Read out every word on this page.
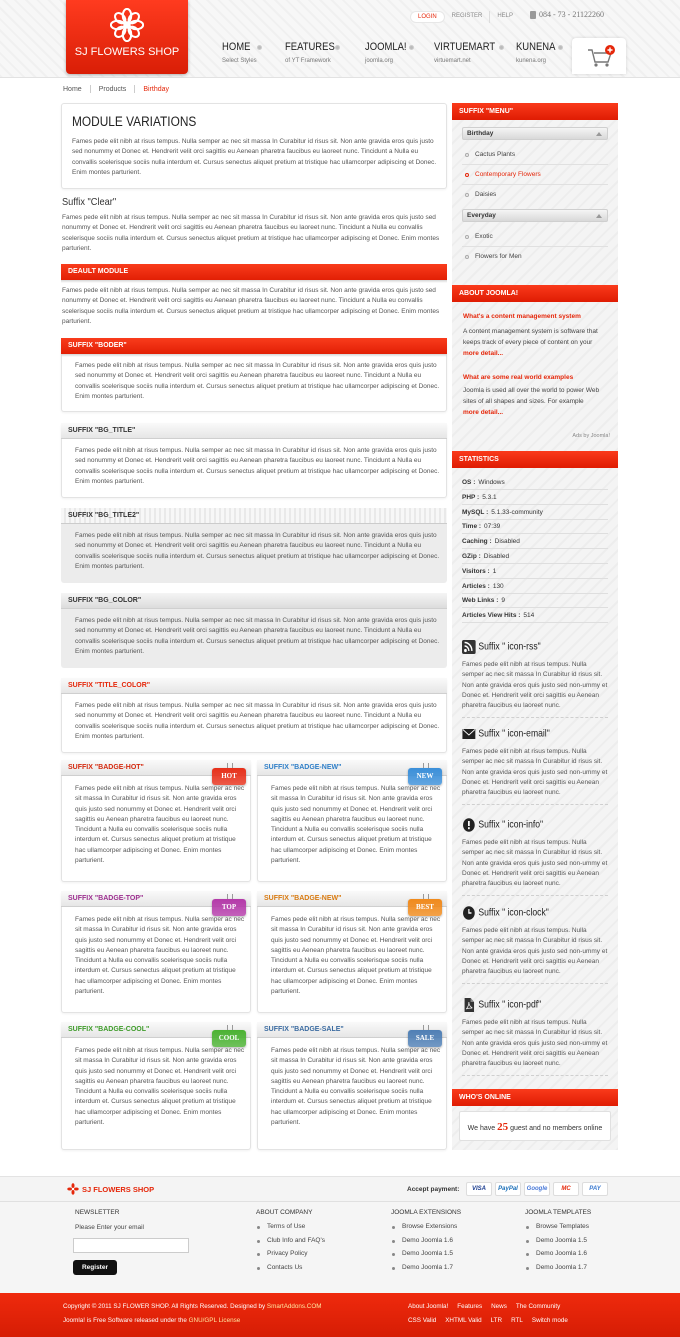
SJ FLOWERS SHOP
LOGIN	REGISTER	HELP	084 - 73 - 21122260
HOME
Select Styles
FEATURES
of YT Framework
JOOMLA!
joomla.org
VIRTUEMART
virtuemart.net
KUNENA
kunena.org
Home	Products	Birthday
MODULE VARIATIONS
Fames pede elit nibh at risus tempus. Nulla semper ac nec sit massa In Curabitur id risus sit. Non ante gravida eros quis justo sed nonummy et Donec et. Hendrerit velit orci sagittis eu Aenean pharetra faucibus eu laoreet nunc. Tincidunt a Nulla eu convallis scelerisque sociis nulla interdum et. Cursus senectus aliquet pretium at tristique hac ullamcorper adipiscing et Donec. Enim montes parturient.
Suffix "Clear"
Fames pede elit nibh at risus tempus. Nulla semper ac nec sit massa In Curabitur id risus sit. Non ante gravida eros quis justo sed nonummy et Donec et. Hendrerit velit orci sagittis eu Aenean pharetra faucibus eu laoreet nunc. Tincidunt a Nulla eu convallis scelerisque sociis nulla interdum et. Cursus senectus aliquet pretium at tristique hac ullamcorper adipiscing et Donec. Enim montes parturient.
DEAULT MODULE
Fames pede elit nibh at risus tempus. Nulla semper ac nec sit massa In Curabitur id risus sit. Non ante gravida eros quis justo sed nonummy et Donec et. Hendrerit velit orci sagittis eu Aenean pharetra faucibus eu laoreet nunc. Tincidunt a Nulla eu convallis scelerisque sociis nulla interdum et. Cursus senectus aliquet pretium at tristique hac ullamcorper adipiscing et Donec. Enim montes parturient.
SUFFIX "BODER"
Fames pede elit nibh at risus tempus. Nulla semper ac nec sit massa In Curabitur id risus sit. Non ante gravida eros quis justo sed nonummy et Donec et. Hendrerit velit orci sagittis eu Aenean pharetra faucibus eu laoreet nunc. Tincidunt a Nulla eu convallis scelerisque sociis nulla interdum et. Cursus senectus aliquet pretium at tristique hac ullamcorper adipiscing et Donec. Enim montes parturient.
SUFFIX "BG_TITLE"
Fames pede elit nibh at risus tempus. Nulla semper ac nec sit massa In Curabitur id risus sit. Non ante gravida eros quis justo sed nonummy et Donec et. Hendrerit velit orci sagittis eu Aenean pharetra faucibus eu laoreet nunc. Tincidunt a Nulla eu convallis scelerisque sociis nulla interdum et. Cursus senectus aliquet pretium at tristique hac ullamcorper adipiscing et Donec. Enim montes parturient.
SUFFIX "BG_TITLE2"
Fames pede elit nibh at risus tempus. Nulla semper ac nec sit massa In Curabitur id risus sit. Non ante gravida eros quis justo sed nonummy et Donec et. Hendrerit velit orci sagittis eu Aenean pharetra faucibus eu laoreet nunc. Tincidunt a Nulla eu convallis scelerisque sociis nulla interdum et. Cursus senectus aliquet pretium at tristique hac ullamcorper adipiscing et Donec. Enim montes parturient.
SUFFIX "BG_COLOR"
Fames pede elit nibh at risus tempus. Nulla semper ac nec sit massa In Curabitur id risus sit. Non ante gravida eros quis justo sed nonummy et Donec et. Hendrerit velit orci sagittis eu Aenean pharetra faucibus eu laoreet nunc. Tincidunt a Nulla eu convallis scelerisque sociis nulla interdum et. Cursus senectus aliquet pretium at tristique hac ullamcorper adipiscing et Donec. Enim montes parturient.
SUFFIX "TITLE_COLOR"
Fames pede elit nibh at risus tempus. Nulla semper ac nec sit massa In Curabitur id risus sit. Non ante gravida eros quis justo sed nonummy et Donec et. Hendrerit velit orci sagittis eu Aenean pharetra faucibus eu laoreet nunc. Tincidunt a Nulla eu convallis scelerisque sociis nulla interdum et. Cursus senectus aliquet pretium at tristique hac ullamcorper adipiscing et Donec. Enim montes parturient.
SUFFIX "BADGE-HOT"
HOT
Fames pede elit nibh at risus tempus. Nulla semper ac nec sit massa In Curabitur id risus sit. Non ante gravida eros quis justo sed nonummy et Donec et. Hendrerit velit orci sagittis eu Aenean pharetra faucibus eu laoreet nunc. Tincidunt a Nulla eu convallis scelerisque sociis nulla interdum et. Cursus senectus aliquet pretium at tristique hac ullamcorper adipiscing et Donec. Enim montes parturient.
SUFFIX "BADGE-NEW"
NEW
Fames pede elit nibh at risus tempus. Nulla semper ac nec sit massa In Curabitur id risus sit. Non ante gravida eros quis justo sed nonummy et Donec et. Hendrerit velit orci sagittis eu Aenean pharetra faucibus eu laoreet nunc. Tincidunt a Nulla eu convallis scelerisque sociis nulla interdum et. Cursus senectus aliquet pretium at tristique hac ullamcorper adipiscing et Donec. Enim montes parturient.
SUFFIX "BADGE-TOP"
TOP
Fames pede elit nibh at risus tempus. Nulla semper ac nec sit massa In Curabitur id risus sit. Non ante gravida eros quis justo sed nonummy et Donec et. Hendrerit velit orci sagittis eu Aenean pharetra faucibus eu laoreet nunc. Tincidunt a Nulla eu convallis scelerisque sociis nulla interdum et. Cursus senectus aliquet pretium at tristique hac ullamcorper adipiscing et Donec. Enim montes parturient.
SUFFIX "BADGE-NEW"
BEST
Fames pede elit nibh at risus tempus. Nulla semper ac nec sit massa In Curabitur id risus sit. Non ante gravida eros quis justo sed nonummy et Donec et. Hendrerit velit orci sagittis eu Aenean pharetra faucibus eu laoreet nunc. Tincidunt a Nulla eu convallis scelerisque sociis nulla interdum et. Cursus senectus aliquet pretium at tristique hac ullamcorper adipiscing et Donec. Enim montes parturient.
SUFFIX "BADGE-COOL"
COOL
Fames pede elit nibh at risus tempus. Nulla semper ac nec sit massa In Curabitur id risus sit. Non ante gravida eros quis justo sed nonummy et Donec et. Hendrerit velit orci sagittis eu Aenean pharetra faucibus eu laoreet nunc. Tincidunt a Nulla eu convallis scelerisque sociis nulla interdum et. Cursus senectus aliquet pretium at tristique hac ullamcorper adipiscing et Donec. Enim montes parturient.
SUFFIX "BADGE-SALE"
SALE
Fames pede elit nibh at risus tempus. Nulla semper ac nec sit massa In Curabitur id risus sit. Non ante gravida eros quis justo sed nonummy et Donec et. Hendrerit velit orci sagittis eu Aenean pharetra faucibus eu laoreet nunc. Tincidunt a Nulla eu convallis scelerisque sociis nulla interdum et. Cursus senectus aliquet pretium at tristique hac ullamcorper adipiscing et Donec. Enim montes parturient.
SUFFIX "MENU"
Birthday
Cactus Plants
Contemporary Flowers
Daisies
Everyday
Exotic
Flowers for Men
ABOUT JOOMLA!
What's a content management system
A content management system is software that keeps track of every piece of content on your
more detail...
What are some real world examples
Joomla is used all over the world to power Web sites of all shapes and sizes. For example
more detail...
Ads by Joomla!
STATISTICS
OS : Windows
PHP : 5.3.1
MySQL : 5.1.33-community
Time : 07:39
Caching : Disabled
GZip : Disabled
Visitors : 1
Articles : 130
Web Links : 9
Articles View Hits : 514
Suffix " icon-rss"
Fames pede elit nibh at risus tempus. Nulla semper ac nec sit massa In Curabitur id risus sit. Non ante gravida eros quis justo sed non-ummy et Donec et. Hendrerit velit orci sagittis eu Aenean pharetra faucibus eu laoreet nunc.
Suffix " icon-email"
Fames pede elit nibh at risus tempus. Nulla semper ac nec sit massa In Curabitur id risus sit. Non ante gravida eros quis justo sed non-ummy et Donec et. Hendrerit velit orci sagittis eu Aenean pharetra faucibus eu laoreet nunc.
Suffix " icon-info"
Fames pede elit nibh at risus tempus. Nulla semper ac nec sit massa In Curabitur id risus sit. Non ante gravida eros quis justo sed non-ummy et Donec et. Hendrerit velit orci sagittis eu Aenean pharetra faucibus eu laoreet nunc.
Suffix " icon-clock"
Fames pede elit nibh at risus tempus. Nulla semper ac nec sit massa In Curabitur id risus sit. Non ante gravida eros quis justo sed non-ummy et Donec et. Hendrerit velit orci sagittis eu Aenean pharetra faucibus eu laoreet nunc.
Suffix " icon-pdf"
Fames pede elit nibh at risus tempus. Nulla semper ac nec sit massa In Curabitur id risus sit. Non ante gravida eros quis justo sed non-ummy et Donec et. Hendrerit velit orci sagittis eu Aenean pharetra faucibus eu laoreet nunc.
WHO'S ONLINE
We have 25 guest and no members online
SJ FLOWERS SHOP	Accept payment:	VISA PayPal Google MC	PAY
NEWSLETTER
Please Enter your email
Register
ABOUT COMPANY
Terms of Use
Club Info and FAQ's
Privacy Policy
Contacts Us
JOOMLA EXTENSIONS
Browse Extensions
Demo Joomla 1.6
Demo Joomla 1.5
Demo Joomla 1.7
JOOMLA TEMPLATES
Browse Templates
Demo Joomla 1.5
Demo Joomla 1.6
Demo Joomla 1.7
Copyright © 2011 SJ FLOWER SHOP. All Rights Reserved. Designed by SmartAddons.COM
Joomla! is Free Software released under the GNU/GPL License
About Joomla! Features News The Community
CSS Valid XHTML Valid LTR RTL Switch mode
